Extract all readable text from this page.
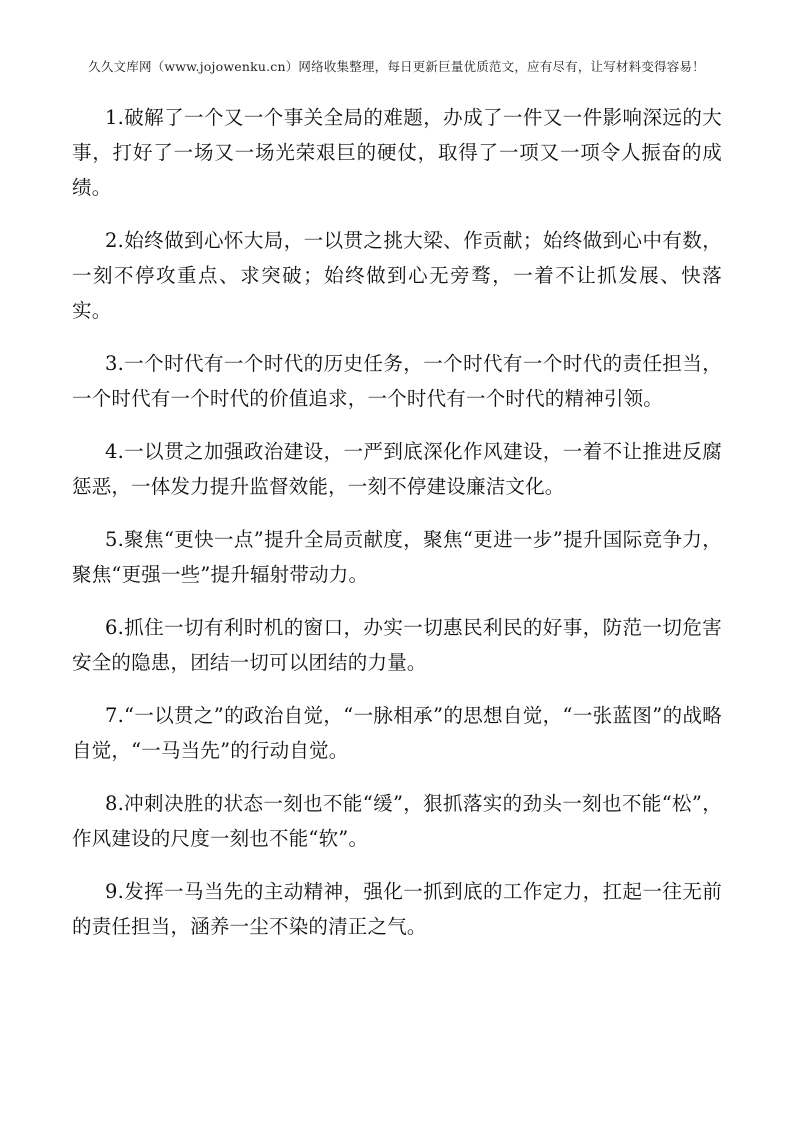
久久文库网（www.jojowenku.cn）网络收集整理，每日更新巨量优质范文，应有尽有，让写材料变得容易！

1.破解了一个又一个事关全局的难题，办成了一件又一件影响深远的大事，打好了一场又一场光荣艰巨的硬仗，取得了一项又一项令人振奋的成绩。

2.始终做到心怀大局，一以贯之挑大梁、作贡献；始终做到心中有数，一刻不停攻重点、求突破；始终做到心无旁骛，一着不让抓发展、快落实。

3.一个时代有一个时代的历史任务，一个时代有一个时代的责任担当，一个时代有一个时代的价值追求，一个时代有一个时代的精神引领。

4.一以贯之加强政治建设，一严到底深化作风建设，一着不让推进反腐惩恶，一体发力提升监督效能，一刻不停建设廉洁文化。

5.聚焦“更快一点”提升全局贡献度，聚焦“更进一步”提升国际竞争力，聚焦“更强一些”提升辐射带动力。

6.抓住一切有利时机的窗口，办实一切惠民利民的好事，防范一切危害安全的隐患，团结一切可以团结的力量。

7.“一以贯之”的政治自觉，“一脉相承”的思想自觉，“一张蓝图”的战略自觉，“一马当先”的行动自觉。

8.冲刺决胜的状态一刻也不能“缓”，狠抓落实的劲头一刻也不能“松”，作风建设的尺度一刻也不能“软”。

9.发挥一马当先的主动精神，强化一抓到底的工作定力，扛起一往无前的责任担当，涵养一尘不染的清正之气。
